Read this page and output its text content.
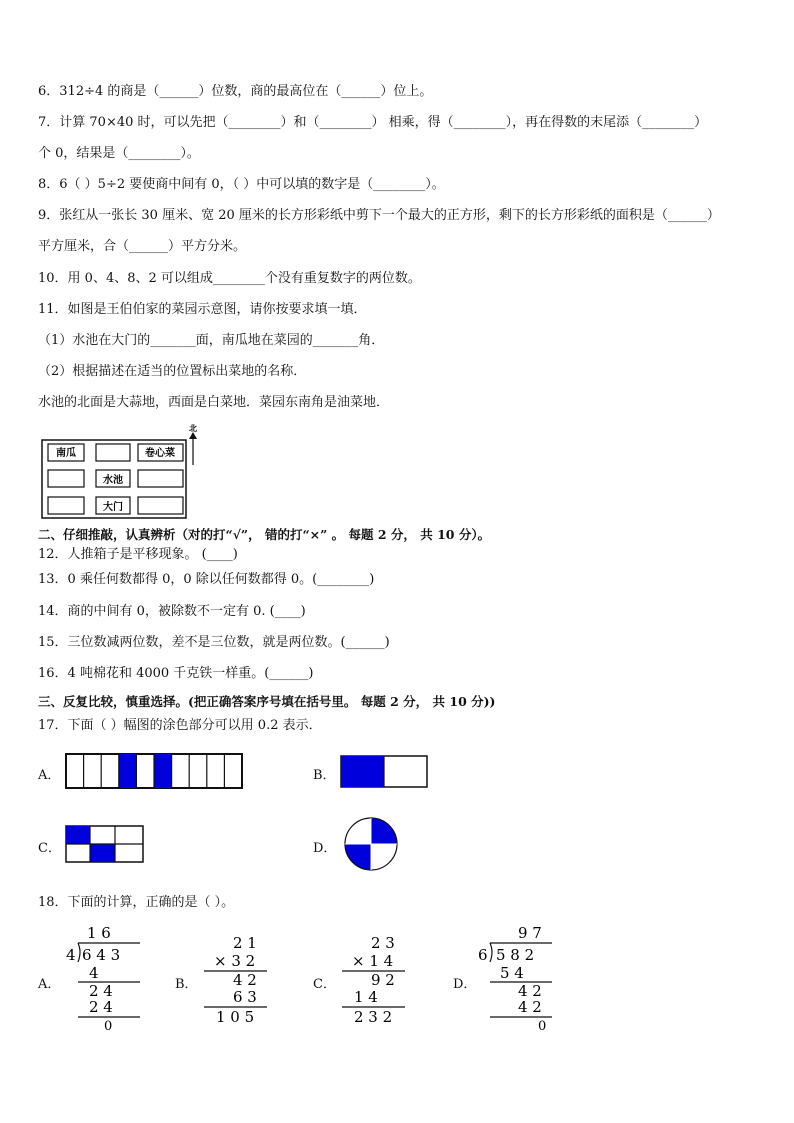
6．312÷4 的商是（______）位数，商的最高位在（______）位上。
7．计算 70×40 时，可以先把（________）和（________） 相乘，得（________），再在得数的末尾添（________）
个 0，结果是（________）。
8．6（ ）5÷2 要使商中间有 0，（ ）中可以填的数字是（________）。
9．张红从一张长 30 厘米、宽 20 厘米的长方形彩纸中剪下一个最大的正方形，剩下的长方形彩纸的面积是（______）
平方厘米，合（______）平方分米。
10．用 0、4、8、2 可以组成________个没有重复数字的两位数。
11．如图是王伯伯家的菜园示意图，请你按要求填一填．
（1）水池在大门的_______面，南瓜地在菜园的_______角．
（2）根据描述在适当的位置标出菜地的名称．
水池的北面是大蒜地，西面是白菜地．菜园东南角是油菜地．
南瓜	卷心菜
水池
大门
北
二、仔细推敲，认真辨析（对的打“√”， 错的打“×” 。 每题 2 分， 共 10 分）。
12．人推箱子是平移现象。 (____)
13．0 乘任何数都得 0，0 除以任何数都得 0。(________)
14．商的中间有 0，被除数不一定有 0. (____)
15．三位数减两位数，差不是三位数，就是两位数。(______)
16．4 吨棉花和 4000 千克铁一样重。(______)
三、反复比较，慎重选择。(把正确答案序号填在括号里。 每题 2 分， 共 10 分))
17．下面（ ）幅图的涂色部分可以用 0.2 表示．
A．	B．
C．	D．
18．下面的计算，正确的是（ ）。
A．
1 6
4 6 4 3
4
2 4
2 4
0
B．
2 1
× 3 2
4 2
6 3
1 0 5
C．
2 3
× 1 4
9 2
1 4
2 3 2
D．
9 7
6 5 8 2
5 4
4 2
4 2
0
